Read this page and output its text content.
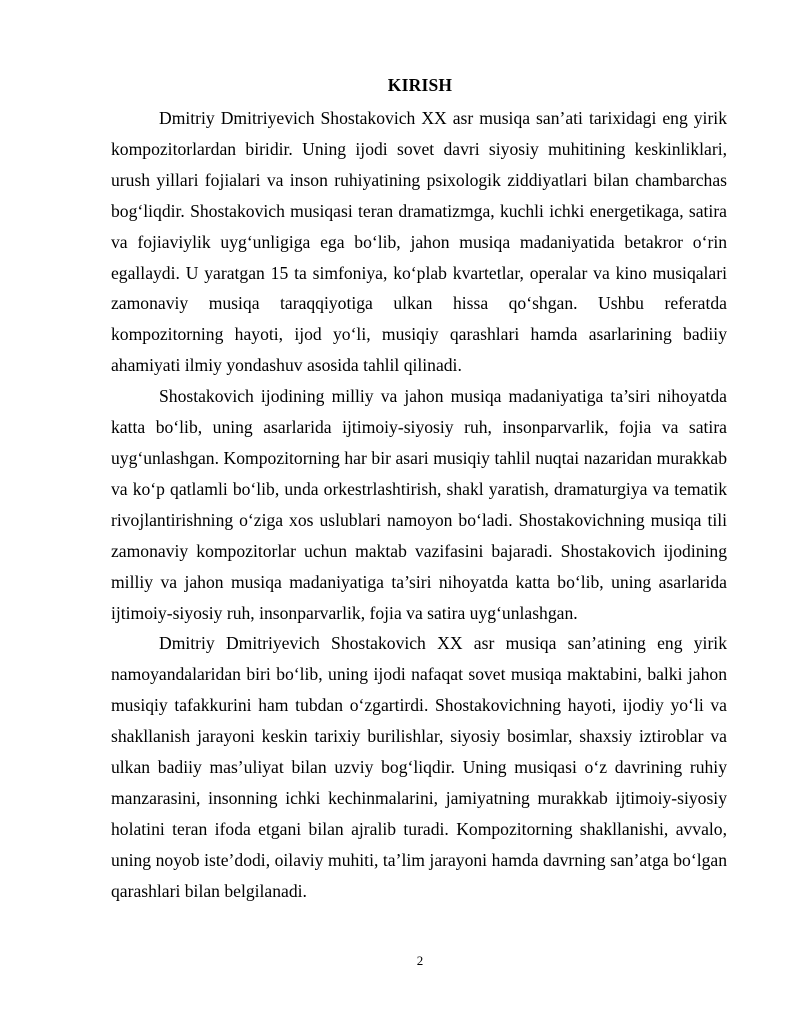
KIRISH

Dmitriy Dmitriyevich Shostakovich XX asr musiqa san’ati tarixidagi eng yirik kompozitorlardan biridir. Uning ijodi sovet davri siyosiy muhitining keskinliklari, urush yillari fojialari va inson ruhiyatining psixologik ziddiyatlari bilan chambarchas bog‘liqdir. Shostakovich musiqasi teran dramatizmga, kuchli ichki energetikaga, satira va fojiaviylik uyg‘unligiga ega bo‘lib, jahon musiqa madaniyatida betakror o‘rin egallaydi. U yaratgan 15 ta simfoniya, ko‘plab kvartetlar, operalar va kino musiqalari zamonaviy musiqa taraqqiyotiga ulkan hissa qo‘shgan. Ushbu referatda kompozitorning hayoti, ijod yo‘li, musiqiy qarashlari hamda asarlarining badiiy ahamiyati ilmiy yondashuv asosida tahlil qilinadi.

Shostakovich ijodining milliy va jahon musiqa madaniyatiga ta’siri nihoyatda katta bo‘lib, uning asarlarida ijtimoiy-siyosiy ruh, insonparvarlik, fojia va satira uyg‘unlashgan. Kompozitorning har bir asari musiqiy tahlil nuqtai nazaridan murakkab va ko‘p qatlamli bo‘lib, unda orkestrlashtirish, shakl yaratish, dramaturgiya va tematik rivojlantirishning o‘ziga xos uslublari namoyon bo‘ladi. Shostakovichning musiqa tili zamonaviy kompozitorlar uchun maktab vazifasini bajaradi. Shostakovich ijodining milliy va jahon musiqa madaniyatiga ta’siri nihoyatda katta bo‘lib, uning asarlarida ijtimoiy-siyosiy ruh, insonparvarlik, fojia va satira uyg‘unlashgan.

Dmitriy Dmitriyevich Shostakovich XX asr musiqa san’atining eng yirik namoyandalaridan biri bo‘lib, uning ijodi nafaqat sovet musiqa maktabini, balki jahon musiqiy tafakkurini ham tubdan o‘zgartirdi. Shostakovichning hayoti, ijodiy yo‘li va shakllanish jarayoni keskin tarixiy burilishlar, siyosiy bosimlar, shaxsiy iztiroblar va ulkan badiiy mas’uliyat bilan uzviy bog‘liqdir. Uning musiqasi o‘z davrining ruhiy manzarasini, insonning ichki kechinmalarini, jamiyatning murakkab ijtimoiy-siyosiy holatini teran ifoda etgani bilan ajralib turadi. Kompozitorning shakllanishi, avvalo, uning noyob iste’dodi, oilaviy muhiti, ta’lim jarayoni hamda davrning san’atga bo‘lgan qarashlari bilan belgilanadi.

2
